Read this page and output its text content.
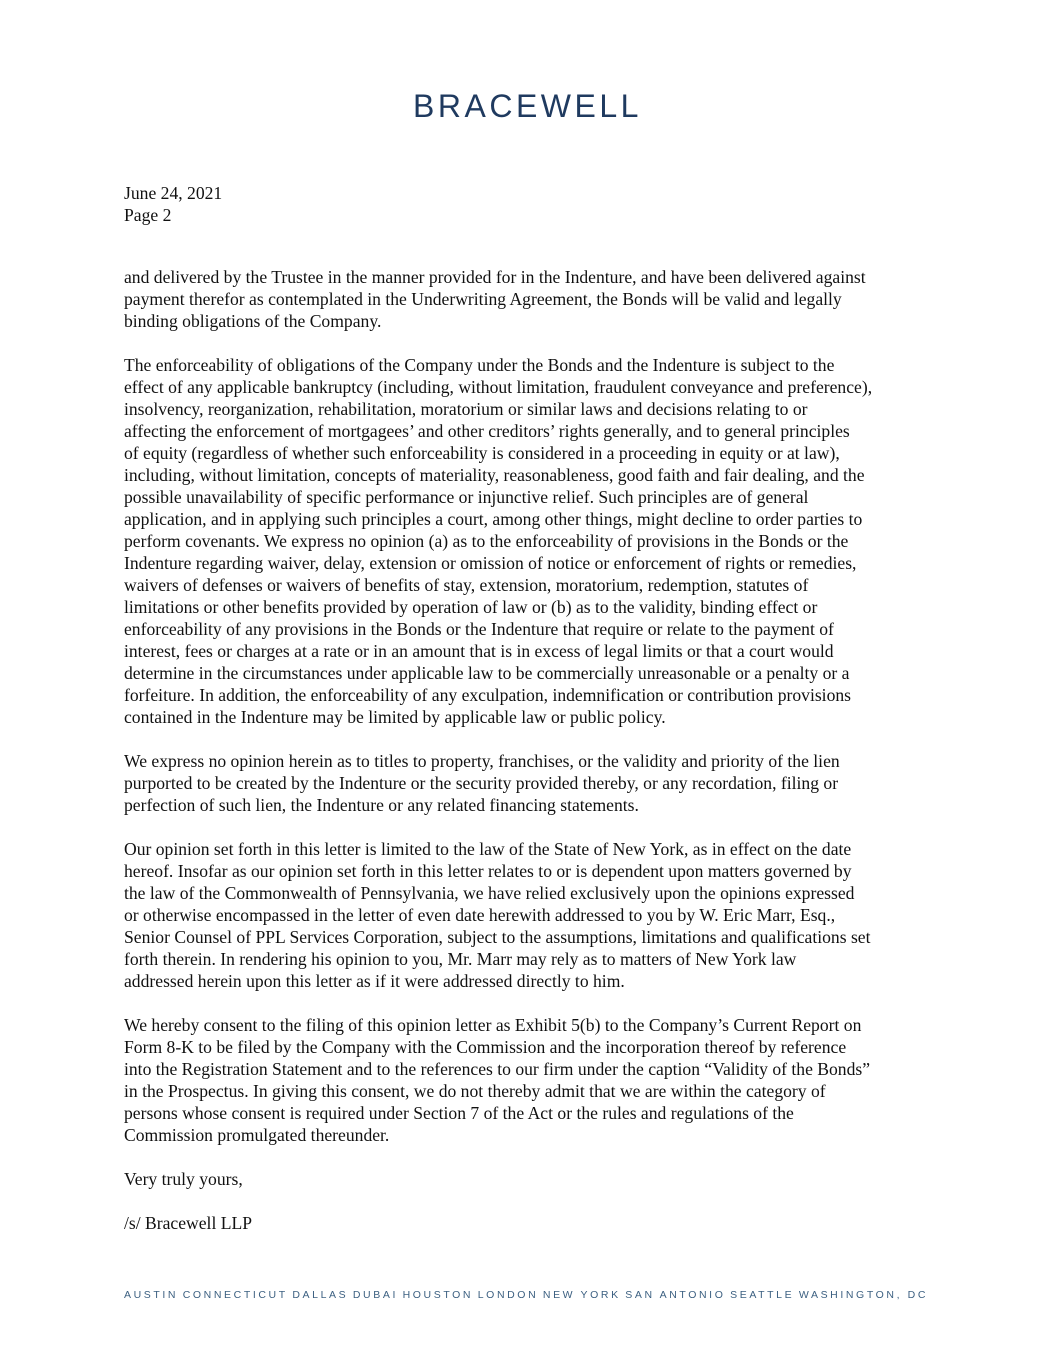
BRACEWELL
June 24, 2021
Page 2
and delivered by the Trustee in the manner provided for in the Indenture, and have been delivered against
payment therefor as contemplated in the Underwriting Agreement, the Bonds will be valid and legally
binding obligations of the Company.
The enforceability of obligations of the Company under the Bonds and the Indenture is subject to the
effect of any applicable bankruptcy (including, without limitation, fraudulent conveyance and preference),
insolvency, reorganization, rehabilitation, moratorium or similar laws and decisions relating to or
affecting the enforcement of mortgagees’ and other creditors’ rights generally, and to general principles
of equity (regardless of whether such enforceability is considered in a proceeding in equity or at law),
including, without limitation, concepts of materiality, reasonableness, good faith and fair dealing, and the
possible unavailability of specific performance or injunctive relief. Such principles are of general
application, and in applying such principles a court, among other things, might decline to order parties to
perform covenants. We express no opinion (a) as to the enforceability of provisions in the Bonds or the
Indenture regarding waiver, delay, extension or omission of notice or enforcement of rights or remedies,
waivers of defenses or waivers of benefits of stay, extension, moratorium, redemption, statutes of
limitations or other benefits provided by operation of law or (b) as to the validity, binding effect or
enforceability of any provisions in the Bonds or the Indenture that require or relate to the payment of
interest, fees or charges at a rate or in an amount that is in excess of legal limits or that a court would
determine in the circumstances under applicable law to be commercially unreasonable or a penalty or a
forfeiture. In addition, the enforceability of any exculpation, indemnification or contribution provisions
contained in the Indenture may be limited by applicable law or public policy.
We express no opinion herein as to titles to property, franchises, or the validity and priority of the lien
purported to be created by the Indenture or the security provided thereby, or any recordation, filing or
perfection of such lien, the Indenture or any related financing statements.
Our opinion set forth in this letter is limited to the law of the State of New York, as in effect on the date
hereof. Insofar as our opinion set forth in this letter relates to or is dependent upon matters governed by
the law of the Commonwealth of Pennsylvania, we have relied exclusively upon the opinions expressed
or otherwise encompassed in the letter of even date herewith addressed to you by W. Eric Marr, Esq.,
Senior Counsel of PPL Services Corporation, subject to the assumptions, limitations and qualifications set
forth therein. In rendering his opinion to you, Mr. Marr may rely as to matters of New York law
addressed herein upon this letter as if it were addressed directly to him.
We hereby consent to the filing of this opinion letter as Exhibit 5(b) to the Company’s Current Report on
Form 8-K to be filed by the Company with the Commission and the incorporation thereof by reference
into the Registration Statement and to the references to our firm under the caption “Validity of the Bonds”
in the Prospectus. In giving this consent, we do not thereby admit that we are within the category of
persons whose consent is required under Section 7 of the Act or the rules and regulations of the
Commission promulgated thereunder.
Very truly yours,
/s/ Bracewell LLP
AUSTIN CONNECTICUT DALLAS DUBAI HOUSTON LONDON NEW YORK SAN ANTONIO SEATTLE WASHINGTON, DC
